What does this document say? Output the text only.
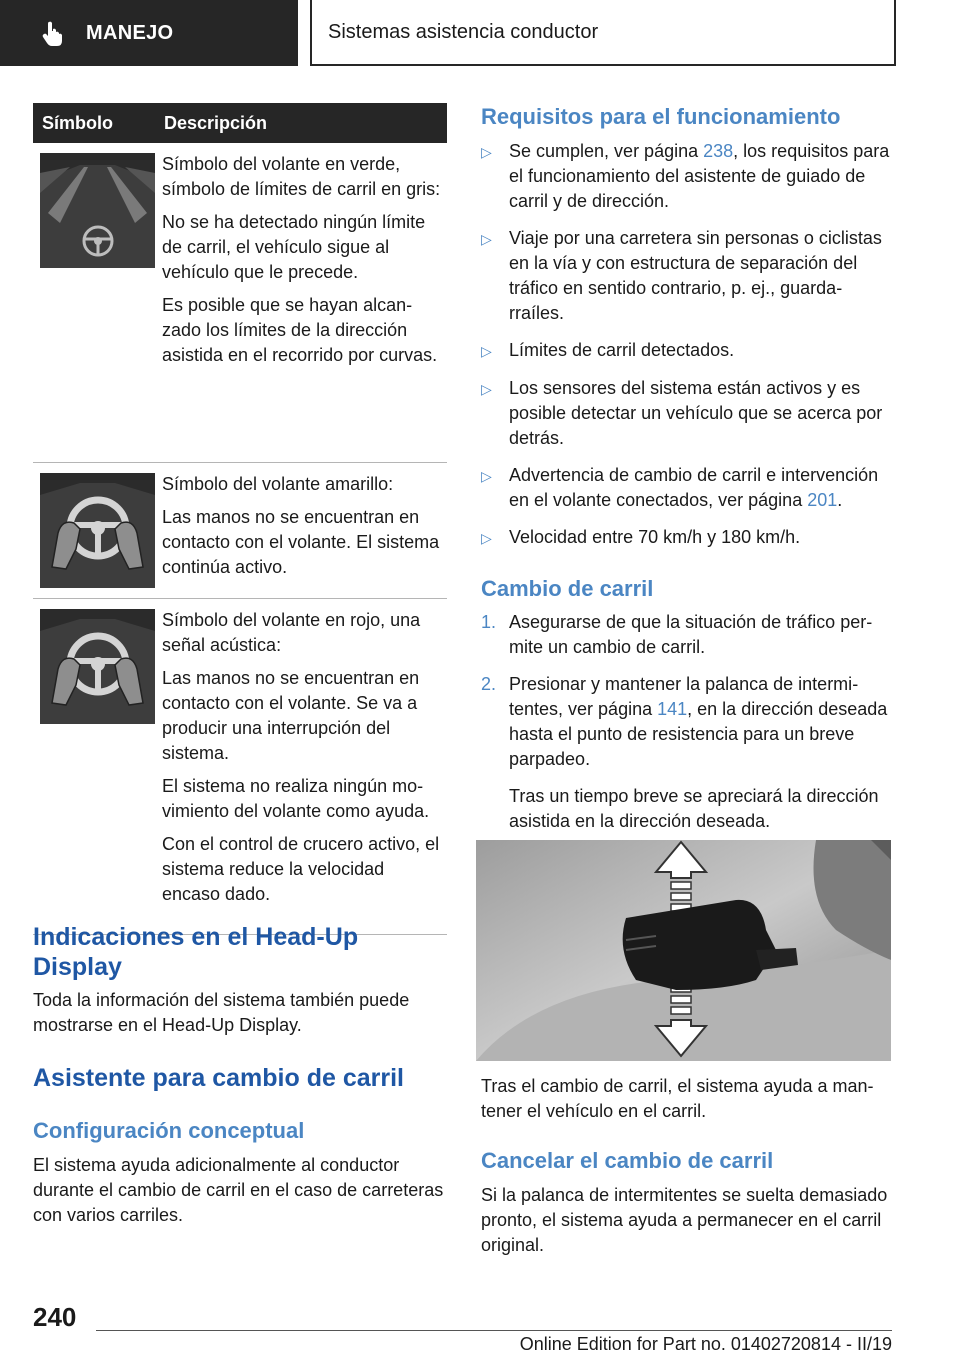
MANEJO	Sistemas asistencia conductor
Símbolo	Descripción

Símbolo del volante en verde, símbolo de límites de carril en gris:

No se ha detectado ningún límite de carril, el vehículo sigue al vehículo que le precede.

Es posible que se hayan alcanzado los límites de la dirección asistida en el recorrido por curvas.

Símbolo del volante amarillo:

Las manos no se encuentran en contacto con el volante. El sistema continúa activo.

Símbolo del volante en rojo, una señal acústica:

Las manos no se encuentran en contacto con el volante. Se va a producir una interrupción del sistema.

El sistema no realiza ningún movimiento del volante como ayuda.

Con el control de crucero activo, el sistema reduce la velocidad encaso dado.

Indicaciones en el Head-Up Display
Toda la información del sistema también puede mostrarse en el Head-Up Display.
Asistente para cambio de carril
Configuración conceptual
El sistema ayuda adicionalmente al conductor durante el cambio de carril en el caso de carreteras con varios carriles.
Requisitos para el funcionamiento
▷ Se cumplen, ver página 238, los requisitos para el funcionamiento del asistente de guiado de carril y de dirección.
▷ Viaje por una carretera sin personas o ciclistas en la vía y con estructura de separación del tráfico en sentido contrario, p. ej., guardarraíles.
▷ Límites de carril detectados.
▷ Los sensores del sistema están activos y es posible detectar un vehículo que se acerca por detrás.
▷ Advertencia de cambio de carril e intervención en el volante conectados, ver página 201.
▷ Velocidad entre 70 km/h y 180 km/h.
Cambio de carril
1. Asegurarse de que la situación de tráfico permite un cambio de carril.
2. Presionar y mantener la palanca de intermitentes, ver página 141, en la dirección deseada hasta el punto de resistencia para un breve parpadeo.
Tras un tiempo breve se apreciará la dirección asistida en la dirección deseada.
Tras el cambio de carril, el sistema ayuda a mantener el vehículo en el carril.
Cancelar el cambio de carril
Si la palanca de intermitentes se suelta demasiado pronto, el sistema ayuda a permanecer en el carril original.
240
Online Edition for Part no. 01402720814 - II/19
